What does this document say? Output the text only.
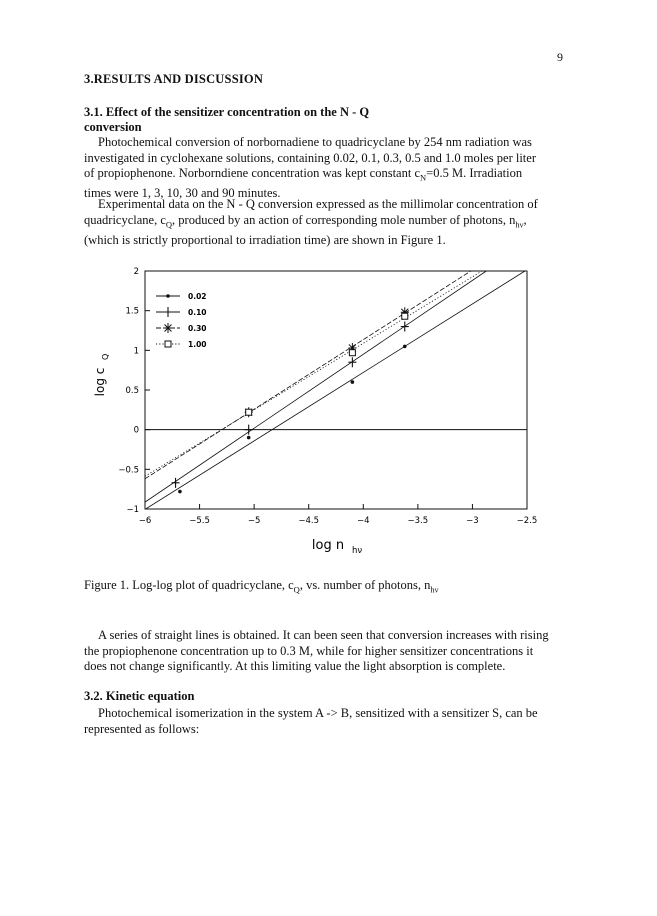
9
3.RESULTS AND DISCUSSION
3.1. Effect of the sensitizer concentration on the N - Q
conversion

Photochemical conversion of norbornadiene to quadricyclane by 254 nm radiation was

investigated in cyclohexane solutions, containing 0.02, 0.1, 0.3, 0.5 and 1.0 moles per liter

of propiophenone. Norborndiene concentration was kept constant $c_N=0.5$ M. Irradiation

times were 1, 3, 10, 30 and 90 minutes.

Experimental data on the N - Q conversion expressed as the millimolar concentration of

quadricyclane, $c_Q$, produced by an action of corresponding mole number of photons, $n_{h\nu}$,

(which is strictly proportional to irradiation time) are shown in Figure 1.

0.02
0.10
0.30
1.00
−6	−5.5	−5	−4.5	−4	−3.5	−3	−2.5
2
1.5
1
0.5
0
−0.5
−1
log n hν
log c
Q
Figure 1. Log-log plot of quadricyclane, $c_Q$, vs. number of photons, $n_{h\nu}$

A series of straight lines is obtained. It can been seen that conversion increases with rising

the propiophenone concentration up to 0.3 M, while for higher sensitizer concentrations it

does not change significantly. At this limiting value the light absorption is complete.

3.2. Kinetic equation

Photochemical isomerization in the system A -> B, sensitized with a sensitizer S, can be

represented as follows:
